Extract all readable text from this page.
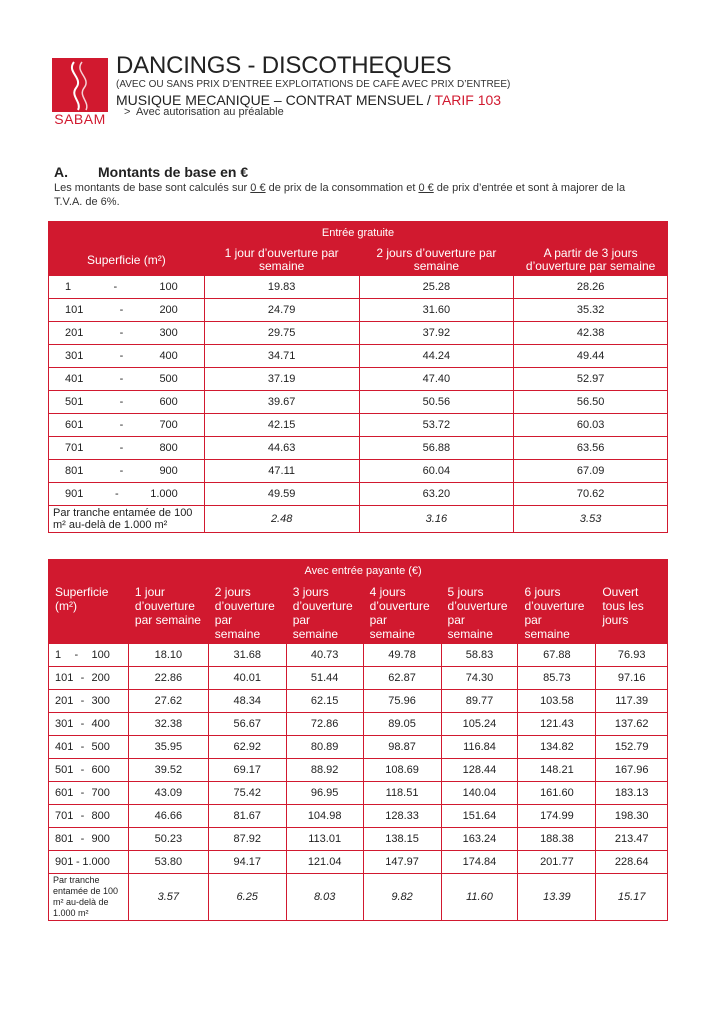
SABAM
DANCINGS - DISCOTHEQUES
(AVEC OU SANS PRIX D’ENTREE EXPLOITATIONS DE CAFE AVEC PRIX D’ENTREE)
MUSIQUE MECANIQUE – CONTRAT MENSUEL / TARIF 103
> Avec autorisation au préalable
A. Montants de base en €
Les montants de base sont calculés sur 0 € de prix de la consommation et 0 € de prix d’entrée et sont à majorer de la T.V.A. de 6%.
Entrée gratuite			
Superficie (m²)	1 jour d’ouverture par semaine	2 jours d’ouverture par semaine	A partir de 3 jours d’ouverture par semaine

1 - 100	19.83	25.28	28.26

101 - 200	24.79	31.60	35.32

201 - 300	29.75	37.92	42.38

301 - 400	34.71	44.24	49.44

401 - 500	37.19	47.40	52.97

501 - 600	39.67	50.56	56.50

601 - 700	42.15	53.72	60.03

701 - 800	44.63	56.88	63.56

801 - 900	47.11	60.04	67.09

901 - 1.000	49.59	63.20	70.62
Par tranche entamée de 100 m² au-delà de 1.000 m²	2.48	3.16	3.53
		Avec entrée payante (€)					
Superficie (m²)	1 jour d’ouverture par semaine	2 jours d’ouverture par semaine	3 jours d’ouverture par semaine	4 jours d’ouverture par semaine	5 jours d’ouverture par semaine	6 jours d’ouverture par semaine	Ouvert tous les jours

1 - 100	18.10	31.68	40.73	49.78	58.83	67.88	76.93

101 - 200	22.86	40.01	51.44	62.87	74.30	85.73	97.16

201 - 300	27.62	48.34	62.15	75.96	89.77	103.58	117.39

301 - 400	32.38	56.67	72.86	89.05	105.24	121.43	137.62

401 - 500	35.95	62.92	80.89	98.87	116.84	134.82	152.79

501 - 600	39.52	69.17	88.92	108.69	128.44	148.21	167.96

601 - 700	43.09	75.42	96.95	118.51	140.04	161.60	183.13

701 - 800	46.66	81.67	104.98	128.33	151.64	174.99	198.30

801 - 900	50.23	87.92	113.01	138.15	163.24	188.38	213.47

901 - 1.000	53.80	94.17	121.04	147.97	174.84	201.77	228.64
Par tranche entamée de 100 m² au-delà de 1.000 m²	3.57	6.25	8.03	9.82	11.60	13.39	15.17
